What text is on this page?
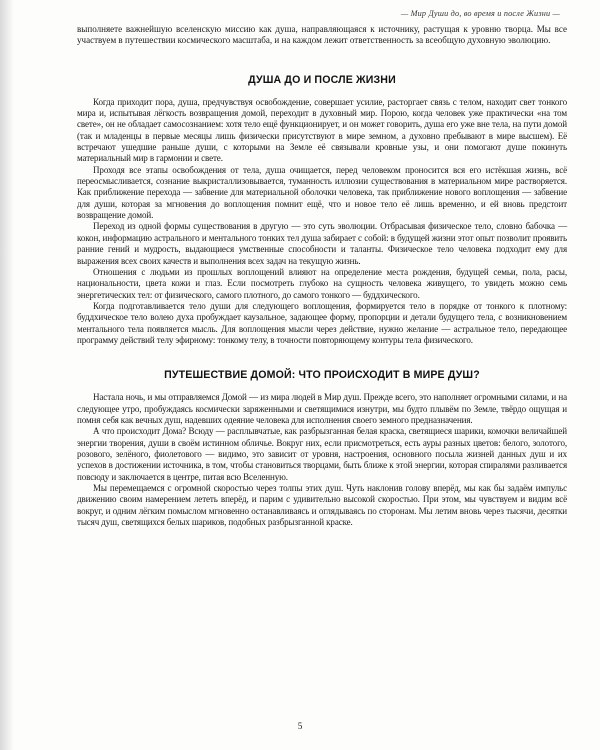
— Мир Души до, во время и после Жизни —

выполняете важнейшую вселенскую миссию как душа, направляющаяся к источнику, растущая к уровню творца. Мы все участвуем в путешествии космического масштаба, и на каждом лежит ответственность за всеобщую духовную эволюцию.

ДУША ДО И ПОСЛЕ ЖИЗНИ

Когда приходит пора, душа, предчувствуя освобождение, совершает усилие, расторгает связь с телом, находит свет тонкого мира и, испытывая лёгкость возвращения домой, переходит в духовный мир. Порою, когда человек уже практически «на том свете», он не обладает самосознанием: хотя тело ещё функционирует, и он может говорить, душа его уже вне тела, на пути домой (так и младенцы в первые месяцы лишь физически присутствуют в мире земном, а духовно пребывают в мире высшем). Её встречают ушедшие раньше души, с которыми на Земле её связывали кровные узы, и они помогают душе покинуть материальный мир в гармонии и свете.

Проходя все этапы освобождения от тела, душа очищается, перед человеком проносится вся его истёкшая жизнь, всё переосмысливается, сознание выкристаллизовывается, туманность иллюзии существования в материальном мире растворяется. Как приближение перехода — забвение для материальной оболочки человека, так приближение нового воплощения — забвение для души, которая за мгновения до воплощения помнит ещё, что и новое тело её лишь временно, и ей вновь предстоит возвращение домой.

Переход из одной формы существования в другую — это суть эволюции. Отбрасывая физическое тело, словно бабочка — кокон, информацию астрального и ментального тонких тел душа забирает с собой: в будущей жизни этот опыт позволит проявить ранние гений и мудрость, выдающиеся умственные способности и таланты. Физическое тело человека подходит ему для выражения всех своих качеств и выполнения всех задач на текущую жизнь.

Отношения с людьми из прошлых воплощений влияют на определение места рождения, будущей семьи, пола, расы, национальности, цвета кожи и глаз. Если посмотреть глубоко на сущность человека живущего, то увидеть можно семь энергетических тел: от физического, самого плотного, до самого тонкого — буддхического.

Когда подготавливается тело души для следующего воплощения, формируется тело в порядке от тонкого к плотному: буддхическое тело волею духа пробуждает каузальное, задающее форму, пропорции и детали будущего тела, с возникновением ментального тела появляется мысль. Для воплощения мысли через действие, нужно желание — астральное тело, передающее программу действий телу эфирному: тонкому телу, в точности повторяющему контуры тела физического.

ПУТЕШЕСТВИЕ ДОМОЙ: ЧТО ПРОИСХОДИТ В МИРЕ ДУШ?

Настала ночь, и мы отправляемся Домой — из мира людей в Мир душ. Прежде всего, это наполняет огромными силами, и на следующее утро, пробуждаясь космически заряженными и светящимися изнутри, мы будто плывём по Земле, твёрдо ощущая и помня себя как вечных душ, надевших одеяние человека для исполнения своего земного предназначения.

А что происходит Дома? Всюду — расплывчатые, как разбрызганная белая краска, светящиеся шарики, комочки величайшей энергии творения, души в своём истинном обличье. Вокруг них, если присмотреться, есть ауры разных цветов: белого, золотого, розового, зелёного, фиолетового — видимо, это зависит от уровня, настроения, основного посыла жизней данных душ и их успехов в достижении источника, в том, чтобы становиться творцами, быть ближе к этой энергии, которая спиралями разливается повсюду и заключается в центре, питая всю Вселенную.

Мы перемещаемся с огромной скоростью через толпы этих душ. Чуть наклонив голову вперёд, мы как бы задаём импульс движению своим намерением лететь вперёд, и парим с удивительно высокой скоростью. При этом, мы чувствуем и видим всё вокруг, и одним лёгким помыслом мгновенно останавливаясь и оглядываясь по сторонам. Мы летим вновь через тысячи, десятки тысяч душ, светящихся белых шариков, подобных разбрызганной краске.

5
